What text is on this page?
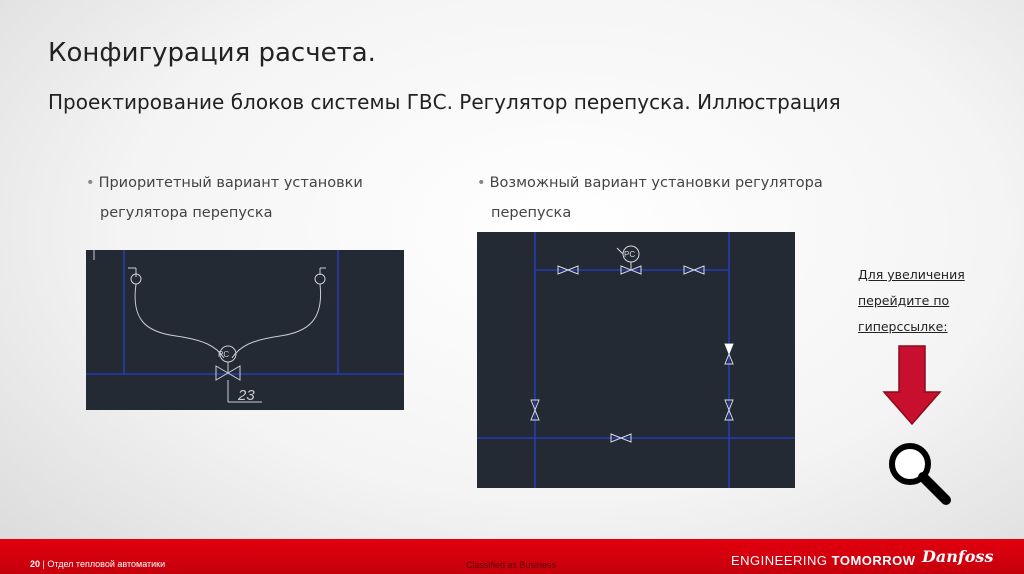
Конфигурация расчета.
Проектирование блоков системы ГВС. Регулятор перепуска. Иллюстрация
• Приоритетный вариант установки
регулятора перепуска
• Возможный вариант установки регулятора
перепуска
PC
23
PC
Для увеличения
перейдите по
гиперссылке:
20 | Отдел тепловой автоматики	Classified as Business	ENGINEERING TOMORROW Danfoss
